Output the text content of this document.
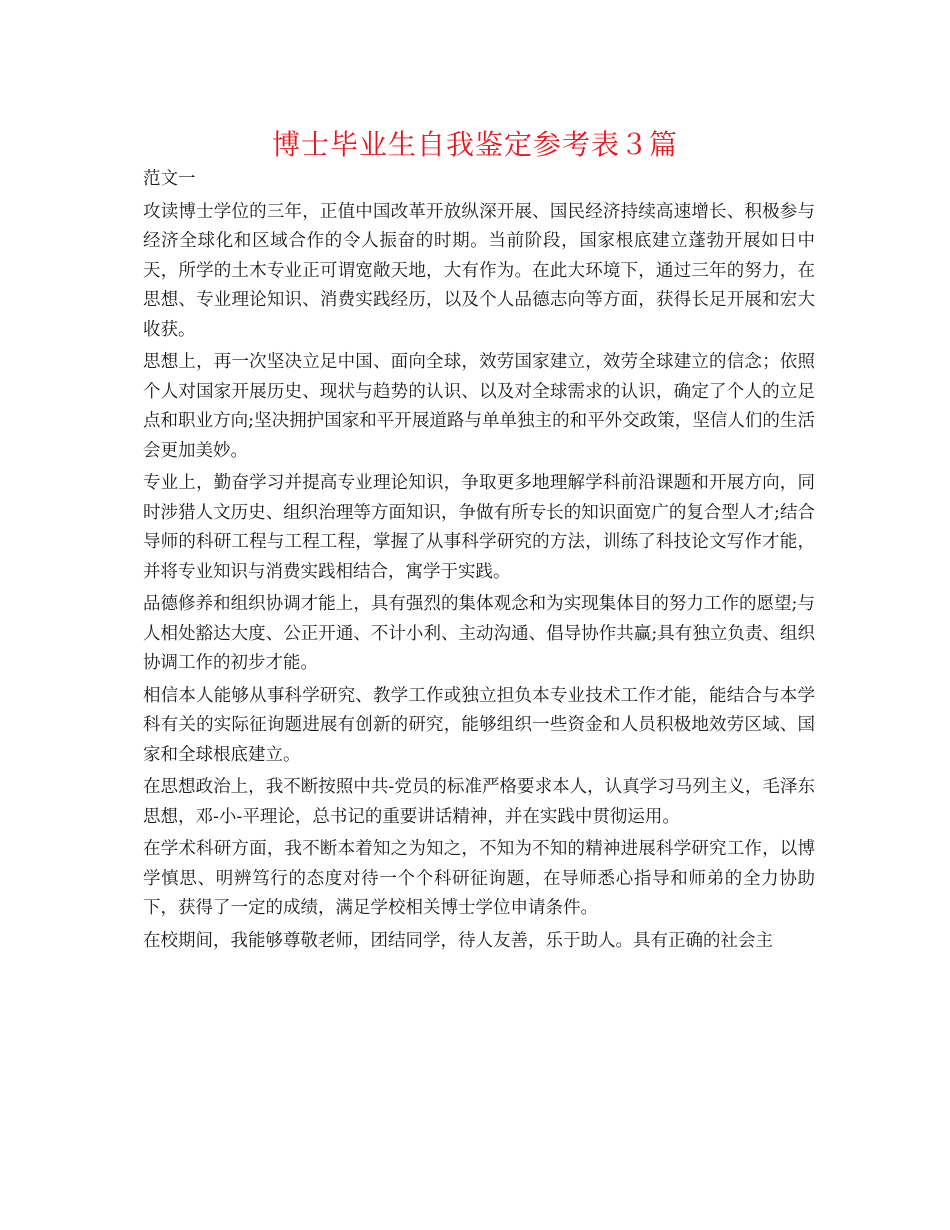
博士毕业生自我鉴定参考表３篇

范文一

攻读博士学位的三年，正值中国改革开放纵深开展、国民经济持续高速增长、积极参与经济全球化和区域合作的令人振奋的时期。当前阶段，国家根底建立蓬勃开展如日中天，所学的土木专业正可谓宽敞天地，大有作为。在此大环境下，通过三年的努力，在思想、专业理论知识、消费实践经历，以及个人品德志向等方面，获得长足开展和宏大收获。

思想上，再一次坚决立足中国、面向全球，效劳国家建立，效劳全球建立的信念；依照个人对国家开展历史、现状与趋势的认识、以及对全球需求的认识，确定了个人的立足点和职业方向;坚决拥护国家和平开展道路与单单独主的和平外交政策，坚信人们的生活会更加美妙。

专业上，勤奋学习并提高专业理论知识，争取更多地理解学科前沿课题和开展方向，同时涉猎人文历史、组织治理等方面知识，争做有所专长的知识面宽广的复合型人才;结合导师的科研工程与工程工程，掌握了从事科学研究的方法，训练了科技论文写作才能，并将专业知识与消费实践相结合，寓学于实践。

品德修养和组织协调才能上，具有强烈的集体观念和为实现集体目的努力工作的愿望;与人相处豁达大度、公正开通、不计小利、主动沟通、倡导协作共赢;具有独立负责、组织协调工作的初步才能。

相信本人能够从事科学研究、教学工作或独立担负本专业技术工作才能，能结合与本学科有关的实际征询题进展有创新的研究，能够组织一些资金和人员积极地效劳区域、国家和全球根底建立。

在思想政治上，我不断按照中共-党员的标准严格要求本人，认真学习马列主义，毛泽东思想，邓-小-平理论，总书记的重要讲话精神，并在实践中贯彻运用。

在学术科研方面，我不断本着知之为知之，不知为不知的精神进展科学研究工作，以博学慎思、明辨笃行的态度对待一个个科研征询题，在导师悉心指导和师弟的全力协助下，获得了一定的成绩，满足学校相关博士学位申请条件。

在校期间，我能够尊敬老师，团结同学，待人友善，乐于助人。具有正确的社会主
